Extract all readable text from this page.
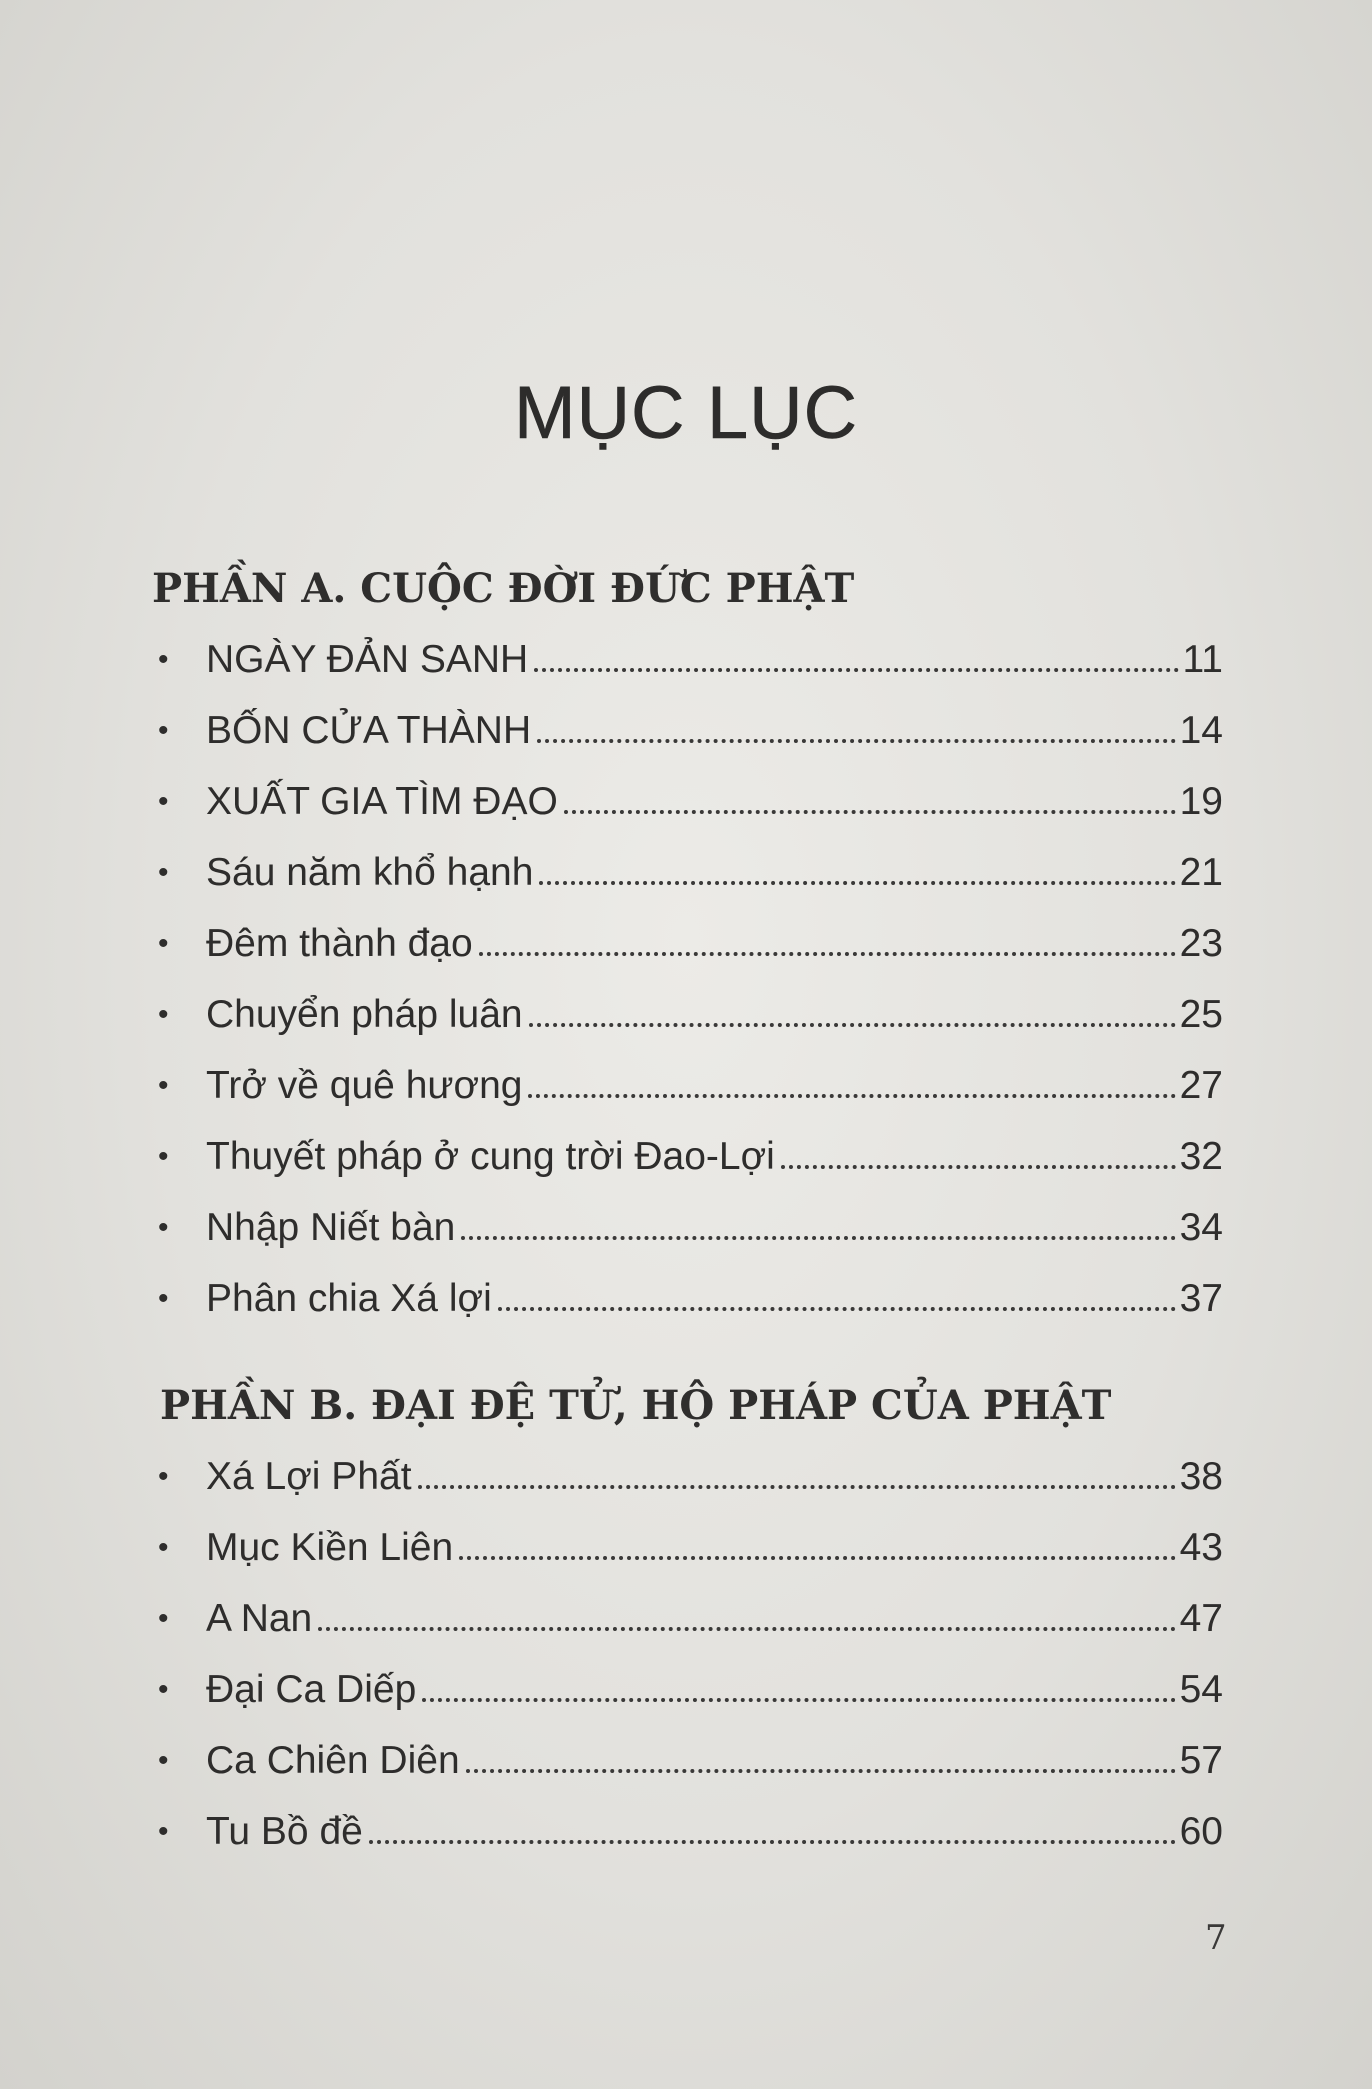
MỤC LỤC
PHẦN A. CUỘC ĐỜI ĐỨC PHẬT
• NGÀY ĐẢN SANH	11
• BỐN CỬA THÀNH	14
• XUẤT GIA TÌM ĐẠO	19
• Sáu năm khổ hạnh	21
• Đêm thành đạo	23
• Chuyển pháp luân	25
• Trở về quê hương	27
• Thuyết pháp ở cung trời Đao-Lợi	32
• Nhập Niết bàn	34
• Phân chia Xá lợi	37
PHẦN B. ĐẠI ĐỆ TỬ, HỘ PHÁP CỦA PHẬT
• Xá Lợi Phất	38
• Mục Kiền Liên	43
• A Nan	47
• Đại Ca Diếp	54
• Ca Chiên Diên	57
• Tu Bồ đề	60
7
